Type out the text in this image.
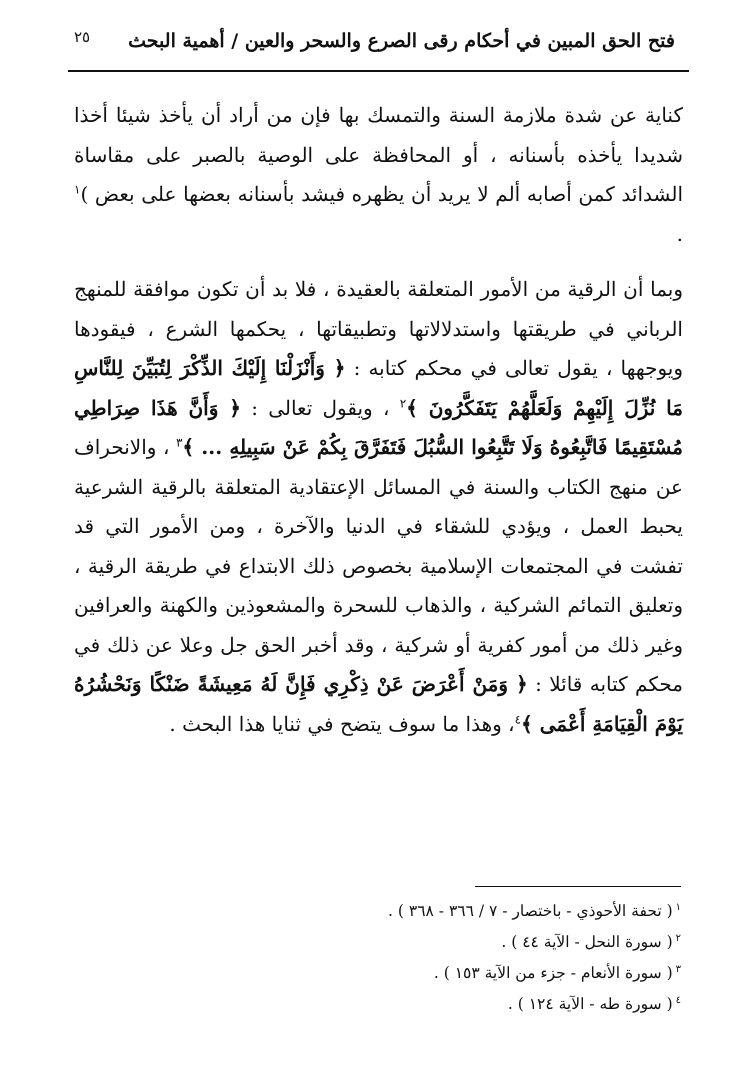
٢٥ فتح الحق المبين في أحكام رقى الصرع والسحر والعين / أهمية البحث

كناية عن شدة ملازمة السنة والتمسك بها فإن من أراد أن يأخذ شيئا أخذا شديدا يأخذه بأسنانه ، أو المحافظة على الوصية بالصبر على مقاساة الشدائد كمن أصابه ألم لا يريد أن يظهره فيشد بأسنانه بعضها على بعض )$^١$ .

وبما أن الرقية من الأمور المتعلقة بالعقيدة ، فلا بد أن تكون موافقة للمنهج الرباني في طريقتها واستدلالاتها وتطبيقاتها ، يحكمها الشرع ، فيقودها ويوجهها ، يقول تعالى في محكم كتابه : ﴿ وَأَنْزَلْنَا إِلَيْكَ الذِّكْرَ لِتُبَيِّنَ لِلنَّاسِ مَا نُزِّلَ إِلَيْهِمْ وَلَعَلَّهُمْ يَتَفَكَّرُونَ ﴾$^٢$ ، ويقول تعالى : ﴿ وَأَنَّ هَذَا صِرَاطِي مُسْتَقِيمًا فَاتَّبِعُوهُ وَلَا تَتَّبِعُوا السُّبُلَ فَتَفَرَّقَ بِكُمْ عَنْ سَبِيلِهِ ... ﴾$^٣$ ، والانحراف عن منهج الكتاب والسنة في المسائل الإعتقادية المتعلقة بالرقية الشرعية يحبط العمل ، ويؤدي للشقاء في الدنيا والآخرة ، ومن الأمور التي قد تفشت في المجتمعات الإسلامية بخصوص ذلك الابتداع في طريقة الرقية ، وتعليق التمائم الشركية ، والذهاب للسحرة والمشعوذين والكهنة والعرافين وغير ذلك من أمور كفرية أو شركية ، وقد أخبر الحق جل وعلا عن ذلك في محكم كتابه قائلا : ﴿ وَمَنْ أَعْرَضَ عَنْ ذِكْرِي فَإِنَّ لَهُ مَعِيشَةً ضَنْكًا وَنَحْشُرُهُ يَوْمَ الْقِيَامَةِ أَعْمَى ﴾$^٤$، وهذا ما سوف يتضح في ثنايا هذا البحث .

$^١$( تحفة الأحوذي - باختصار - ٧ / ٣٦٦ - ٣٦٨ ) .
$^٢$( سورة النحل - الآية ٤٤ ) .
$^٣$( سورة الأنعام - جزء من الآية ١٥٣ ) .
$^٤$( سورة طه - الآية ١٢٤ ) .
